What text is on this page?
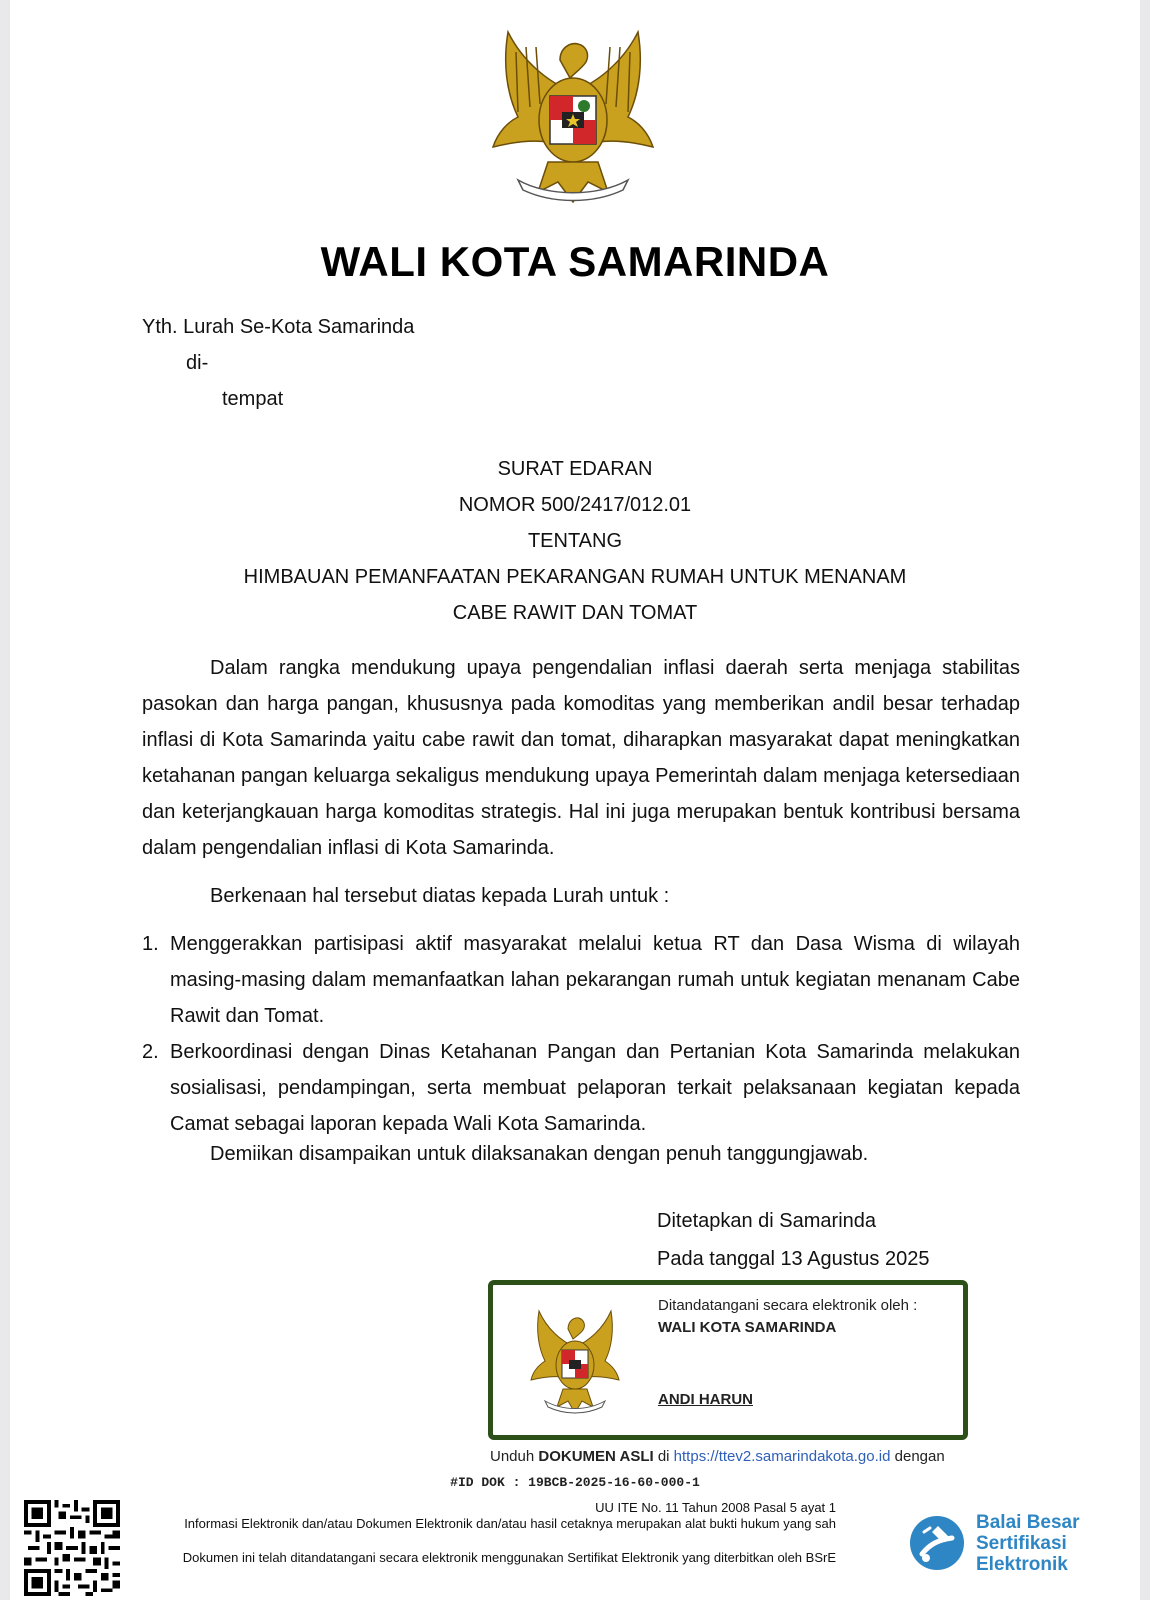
WALI KOTA SAMARINDA
Yth. Lurah Se-Kota Samarinda
di-
tempat
SURAT EDARAN
NOMOR 500/2417/012.01
TENTANG
HIMBAUAN PEMANFAATAN PEKARANGAN RUMAH UNTUK MENANAM
CABE RAWIT DAN TOMAT

Dalam rangka mendukung upaya pengendalian inflasi daerah serta menjaga stabilitas pasokan dan harga pangan, khususnya pada komoditas yang memberikan andil besar terhadap inflasi di Kota Samarinda yaitu cabe rawit dan tomat, diharapkan masyarakat dapat meningkatkan ketahanan pangan keluarga sekaligus mendukung upaya Pemerintah dalam menjaga ketersediaan dan keterjangkauan harga komoditas strategis. Hal ini juga merupakan bentuk kontribusi bersama dalam pengendalian inflasi di Kota Samarinda.

Berkenaan hal tersebut diatas kepada Lurah untuk :

1. Menggerakkan partisipasi aktif masyarakat melalui ketua RT dan Dasa Wisma di wilayah masing-masing dalam memanfaatkan lahan pekarangan rumah untuk kegiatan menanam Cabe Rawit dan Tomat.
2. Berkoordinasi dengan Dinas Ketahanan Pangan dan Pertanian Kota Samarinda melakukan sosialisasi, pendampingan, serta membuat pelaporan terkait pelaksanaan kegiatan kepada Camat sebagai laporan kepada Wali Kota Samarinda.

Demiikan disampaikan untuk dilaksanakan dengan penuh tanggungjawab.

Ditetapkan di Samarinda
Pada tanggal 13 Agustus 2025
Ditandatangani secara elektronik oleh :
WALI KOTA SAMARINDA
ANDI HARUN
Unduh DOKUMEN ASLI di https://ttev2.samarindakota.go.id dengan
#ID DOK : 19BCB-2025-16-60-000-1
UU ITE No. 11 Tahun 2008 Pasal 5 ayat 1
Informasi Elektronik dan/atau Dokumen Elektronik dan/atau hasil cetaknya merupakan alat bukti hukum yang sah
Dokumen ini telah ditandatangani secara elektronik menggunakan Sertifikat Elektronik yang diterbitkan oleh BSrE
Balai Besar
Sertifikasi
Elektronik
